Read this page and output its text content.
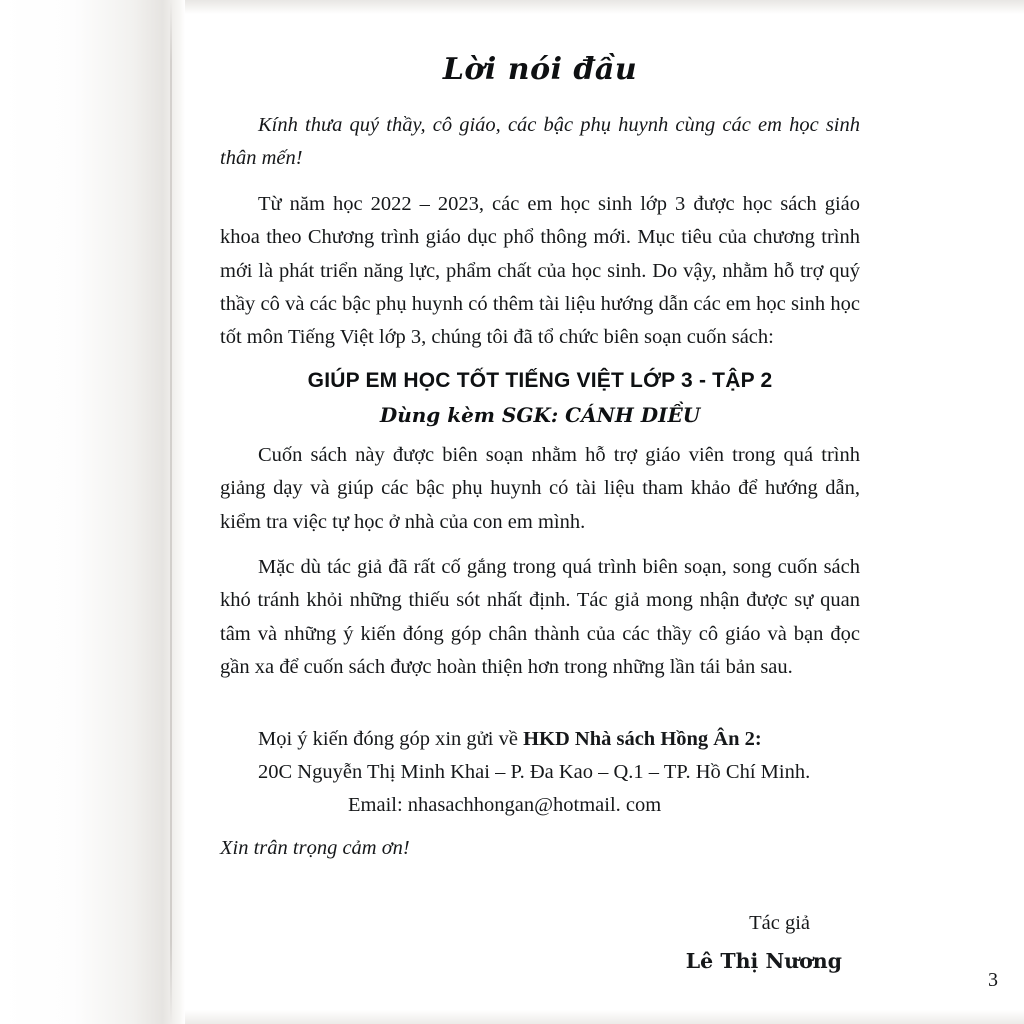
Lời nói đầu

Kính thưa quý thầy, cô giáo, các bậc phụ huynh cùng các em học sinh thân mến!

Từ năm học 2022 – 2023, các em học sinh lớp 3 được học sách giáo khoa theo Chương trình giáo dục phổ thông mới. Mục tiêu của chương trình mới là phát triển năng lực, phẩm chất của học sinh. Do vậy, nhằm hỗ trợ quý thầy cô và các bậc phụ huynh có thêm tài liệu hướng dẫn các em học sinh học tốt môn Tiếng Việt lớp 3, chúng tôi đã tổ chức biên soạn cuốn sách:

GIÚP EM HỌC TỐT TIẾNG VIỆT LỚP 3 - TẬP 2
Dùng kèm SGK: CÁNH DIỀU

Cuốn sách này được biên soạn nhằm hỗ trợ giáo viên trong quá trình giảng dạy và giúp các bậc phụ huynh có tài liệu tham khảo để hướng dẫn, kiểm tra việc tự học ở nhà của con em mình.

Mặc dù tác giả đã rất cố gắng trong quá trình biên soạn, song cuốn sách khó tránh khỏi những thiếu sót nhất định. Tác giả mong nhận được sự quan tâm và những ý kiến đóng góp chân thành của các thầy cô giáo và bạn đọc gần xa để cuốn sách được hoàn thiện hơn trong những lần tái bản sau.

Mọi ý kiến đóng góp xin gửi về HKD Nhà sách Hồng Ân 2:

20C Nguyễn Thị Minh Khai – P. Đa Kao – Q.1 – TP. Hồ Chí Minh.

Email: nhasachhongan@hotmail. com

Xin trân trọng cảm ơn!

Tác giả
Lê Thị Nương
3
